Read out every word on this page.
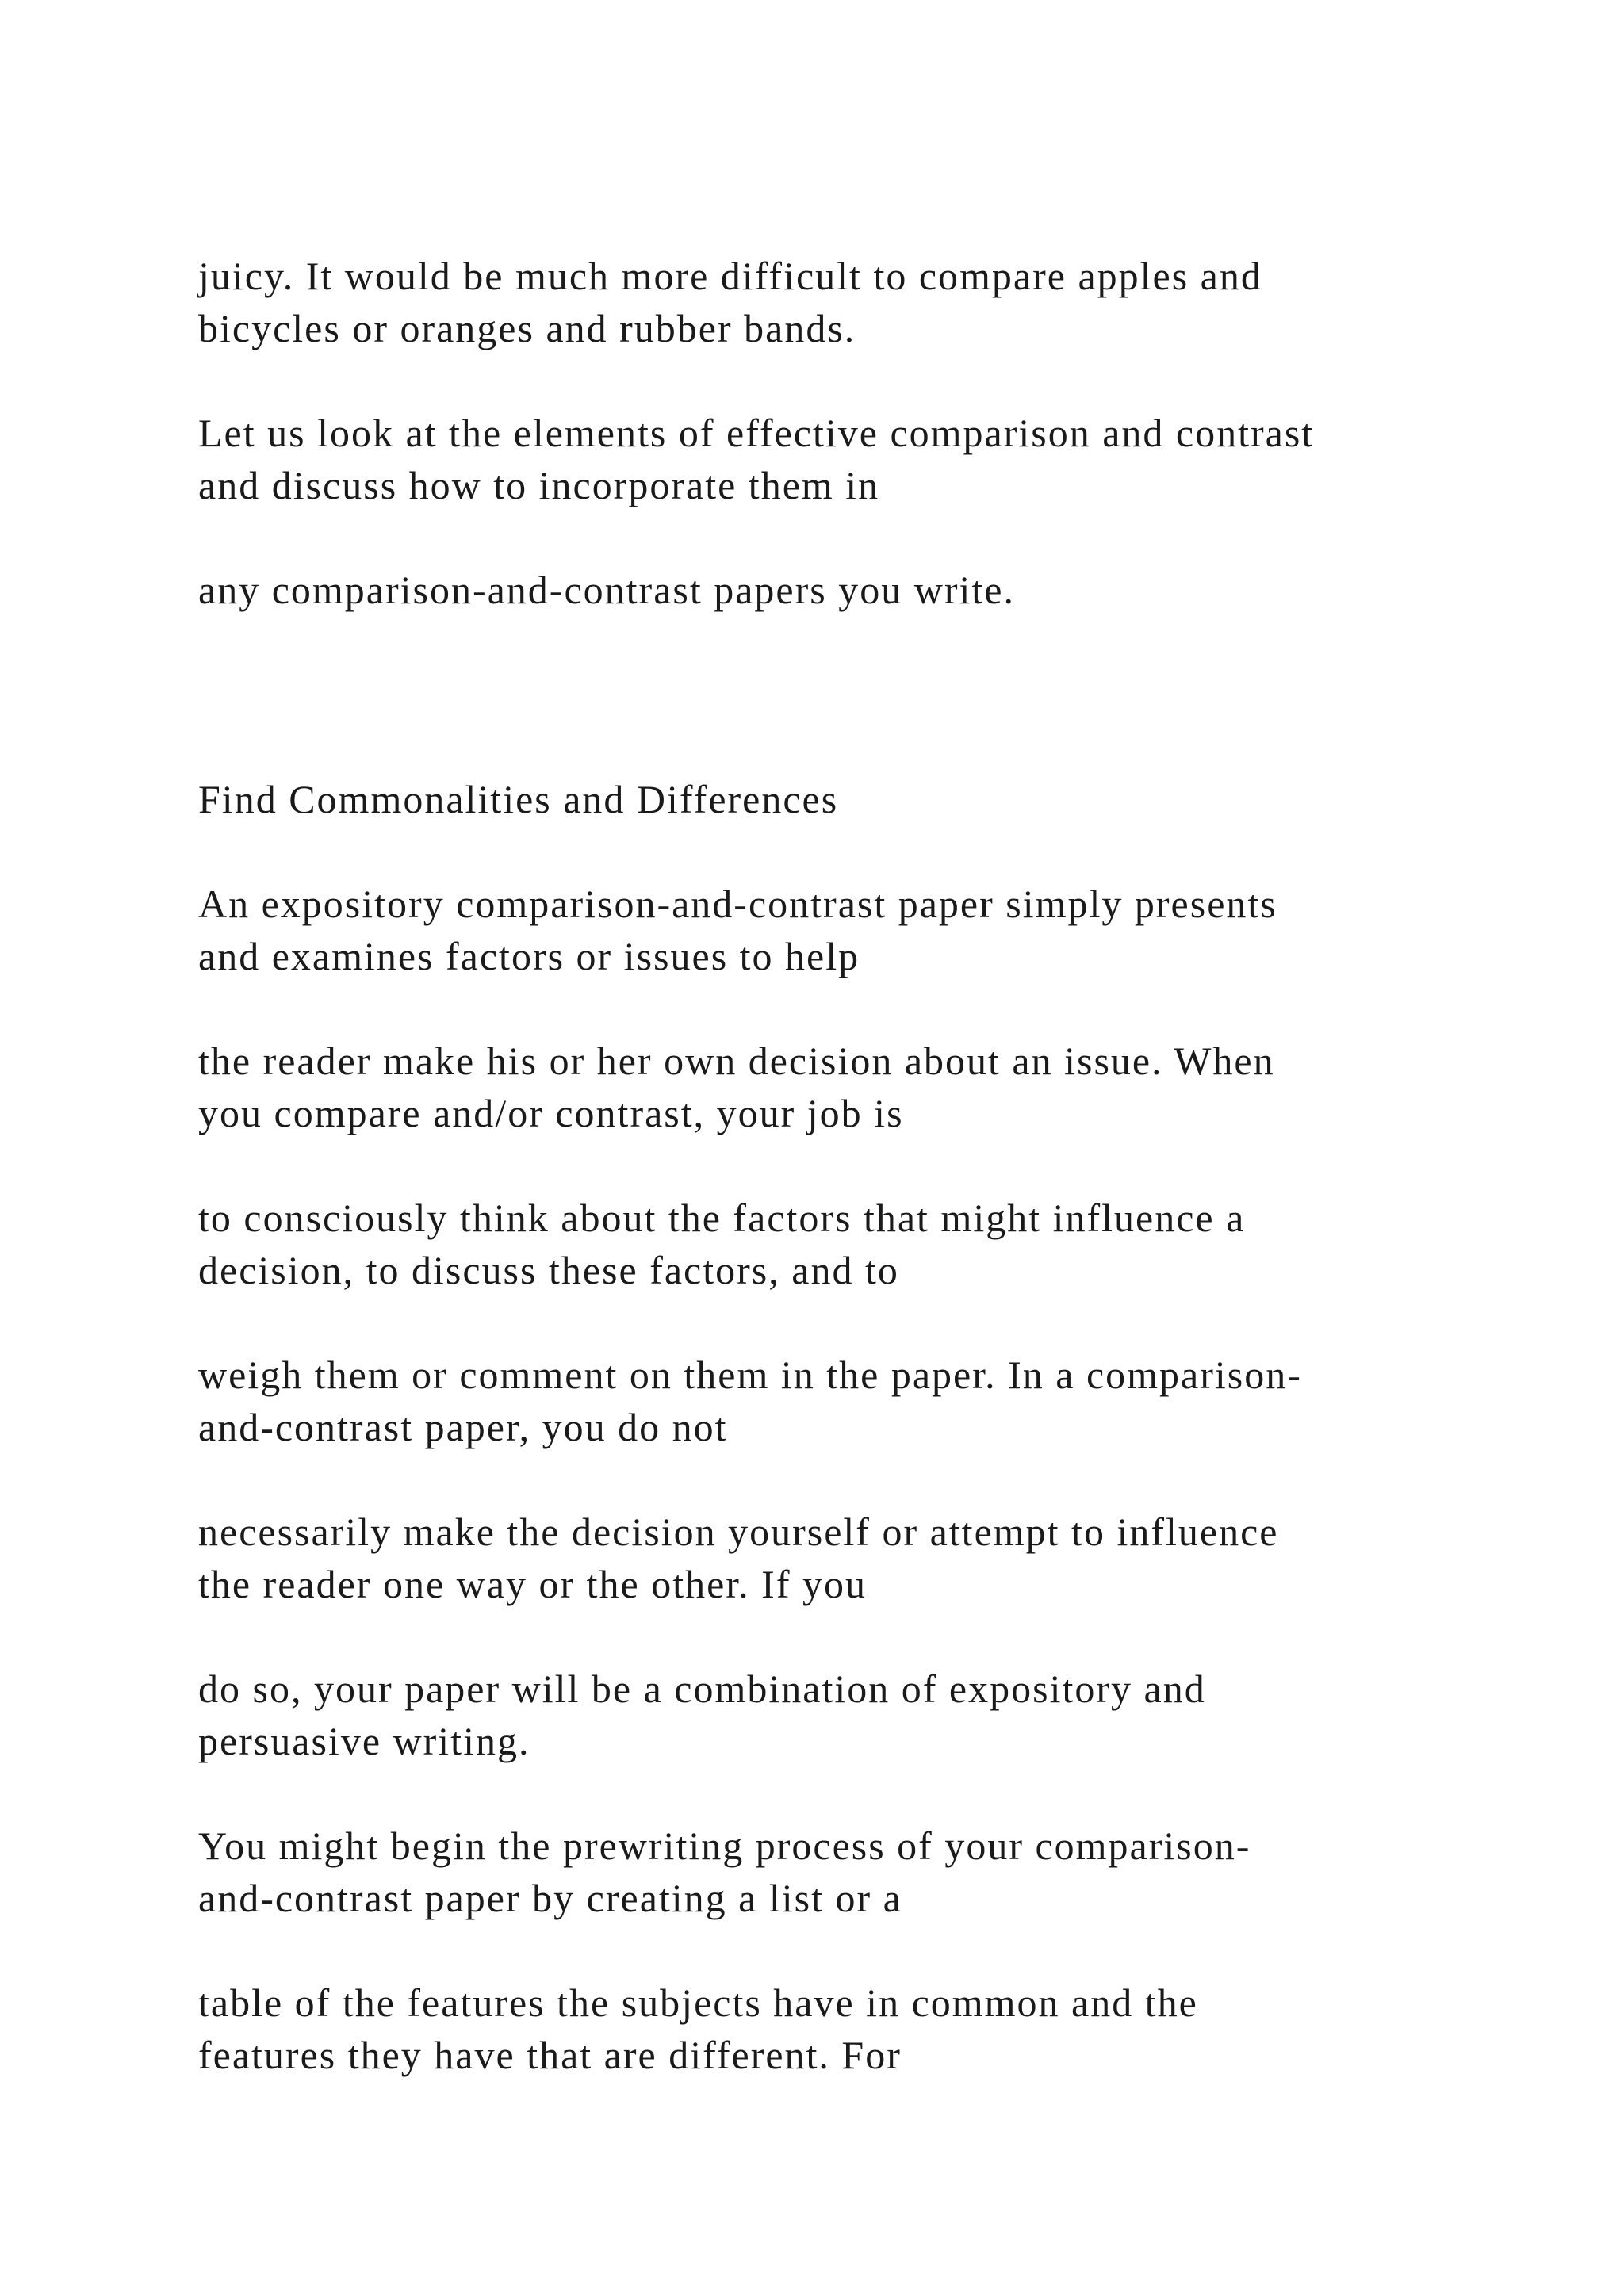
juicy. It would be much more difficult to compare apples and

bicycles or oranges and rubber bands.

Let us look at the elements of effective comparison and contrast

and discuss how to incorporate them in

any comparison-and-contrast papers you write.

Find Commonalities and Differences

An expository comparison-and-contrast paper simply presents

and examines factors or issues to help

the reader make his or her own decision about an issue. When

you compare and/or contrast, your job is

to consciously think about the factors that might influence a

decision, to discuss these factors, and to

weigh them or comment on them in the paper. In a comparison-

and-contrast paper, you do not

necessarily make the decision yourself or attempt to influence

the reader one way or the other. If you

do so, your paper will be a combination of expository and

persuasive writing.

You might begin the prewriting process of your comparison-

and-contrast paper by creating a list or a

table of the features the subjects have in common and the

features they have that are different. For
